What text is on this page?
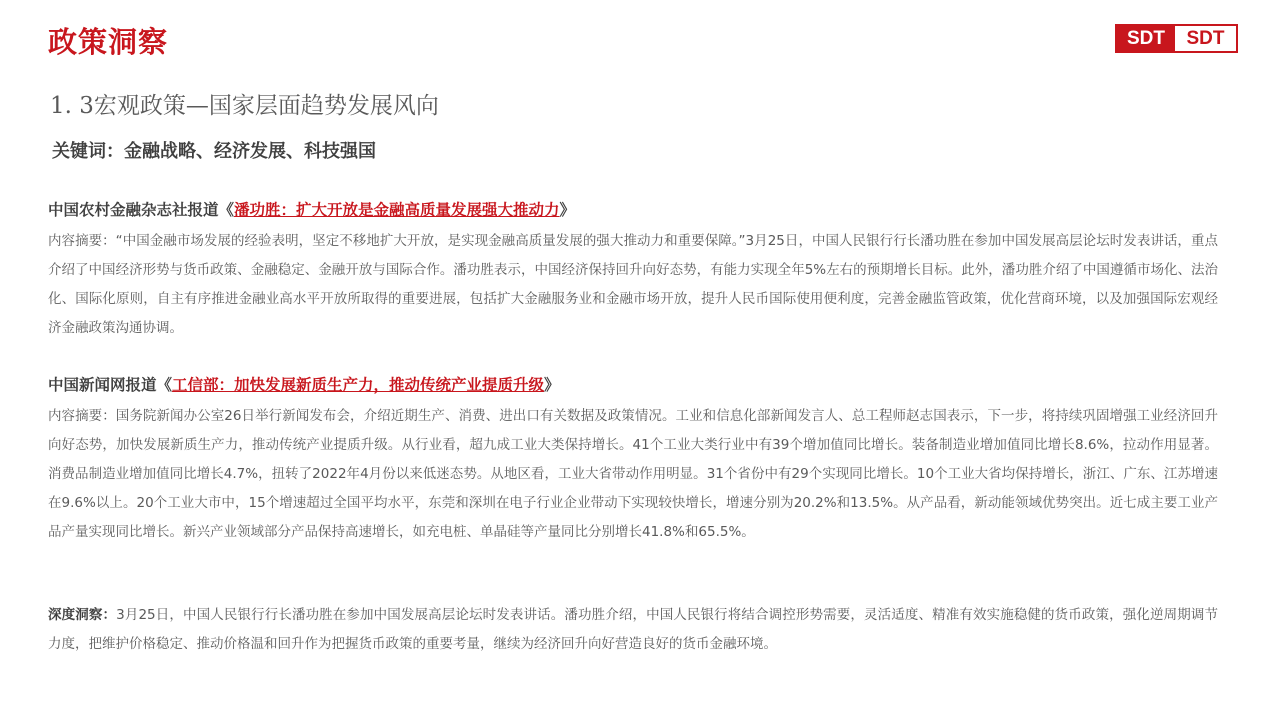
政策洞察	SDT	SDT
1. 3宏观政策—国家层面趋势发展风向
关键词：金融战略、经济发展、科技强国
中国农村金融杂志社报道《潘功胜：扩大开放是金融高质量发展强大推动力》
内容摘要：“中国金融市场发展的经验表明，坚定不移地扩大开放，是实现金融高质量发展的强大推动力和重要保障。”3月25日，中国人民银行行长潘功胜在参加中国发展高层论坛时发表讲话，重点介绍了中国经济形势与货币政策、金融稳定、金融开放与国际合作。潘功胜表示，中国经济保持回升向好态势，有能力实现全年5%左右的预期增长目标。此外，潘功胜介绍了中国遵循市场化、法治化、国际化原则，自主有序推进金融业高水平开放所取得的重要进展，包括扩大金融服务业和金融市场开放，提升人民币国际使用便利度，完善金融监管政策，优化营商环境，以及加强国际宏观经济金融政策沟通协调。
中国新闻网报道《工信部：加快发展新质生产力，推动传统产业提质升级》
内容摘要：国务院新闻办公室26日举行新闻发布会，介绍近期生产、消费、进出口有关数据及政策情况。工业和信息化部新闻发言人、总工程师赵志国表示，下一步，将持续巩固增强工业经济回升向好态势，加快发展新质生产力，推动传统产业提质升级。从行业看，超九成工业大类保持增长。41个工业大类行业中有39个增加值同比增长。装备制造业增加值同比增长8.6%，拉动作用显著。消费品制造业增加值同比增长4.7%，扭转了2022年4月份以来低迷态势。从地区看，工业大省带动作用明显。31个省份中有29个实现同比增长。10个工业大省均保持增长，浙江、广东、江苏增速在9.6%以上。20个工业大市中，15个增速超过全国平均水平，东莞和深圳在电子行业企业带动下实现较快增长，增速分别为20.2%和13.5%。从产品看，新动能领域优势突出。近七成主要工业产品产量实现同比增长。新兴产业领域部分产品保持高速增长，如充电桩、单晶硅等产量同比分别增长41.8%和65.5%。
深度洞察：3月25日，中国人民银行行长潘功胜在参加中国发展高层论坛时发表讲话。潘功胜介绍，中国人民银行将结合调控形势需要，灵活适度、精准有效实施稳健的货币政策，强化逆周期调节力度，把维护价格稳定、推动价格温和回升作为把握货币政策的重要考量，继续为经济回升向好营造良好的货币金融环境。
